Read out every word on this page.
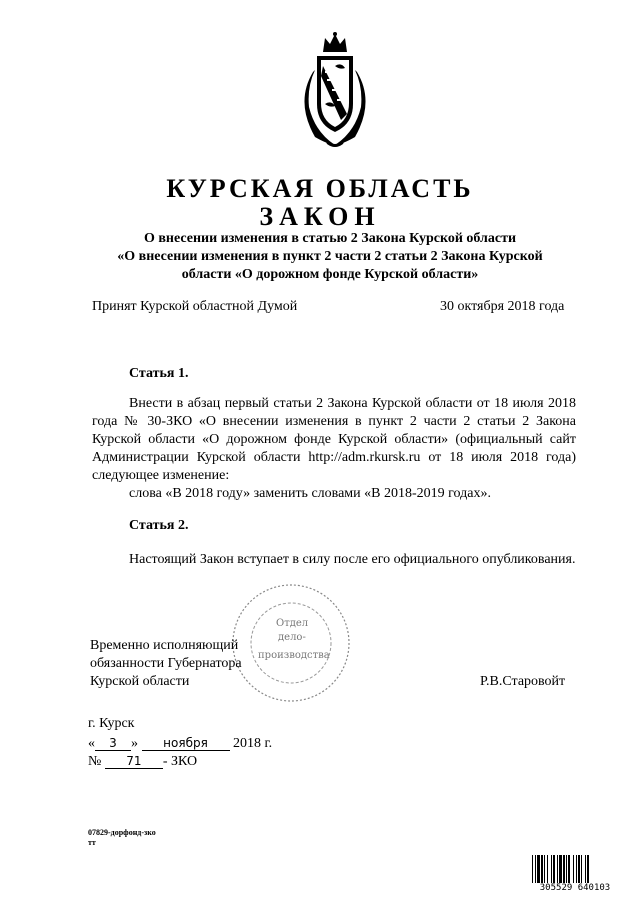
КУРСКАЯ ОБЛАСТЬ
ЗАКОН
О внесении изменения в статью 2 Закона Курской области
«О внесении изменения в пункт 2 части 2 статьи 2 Закона Курской
области «О дорожном фонде Курской области»
Принят Курской областной Думой	30 октября 2018 года
Статья 1.
Внести в абзац первый статьи 2 Закона Курской области от 18 июля 2018 года № 30-ЗКО «О внесении изменения в пункт 2 части 2 статьи 2 Закона Курской области «О дорожном фонде Курской области» (официальный сайт Администрации Курской области http://adm.rkursk.ru от 18 июля 2018 года) следующее изменение:
слова «В 2018 году» заменить словами «В 2018-2019 годах».
Статья 2.
Настоящий Закон вступает в силу после его официального опубликования.
Отдел
дело-
производства
Временно исполняющий
обязанности Губернатора
Курской области	Р.В.Старовойт
г. Курск
« 3 » ноября 2018 г.
№ 71 - ЗКО
07829-дорфонд-зко
тт
305529 640103
